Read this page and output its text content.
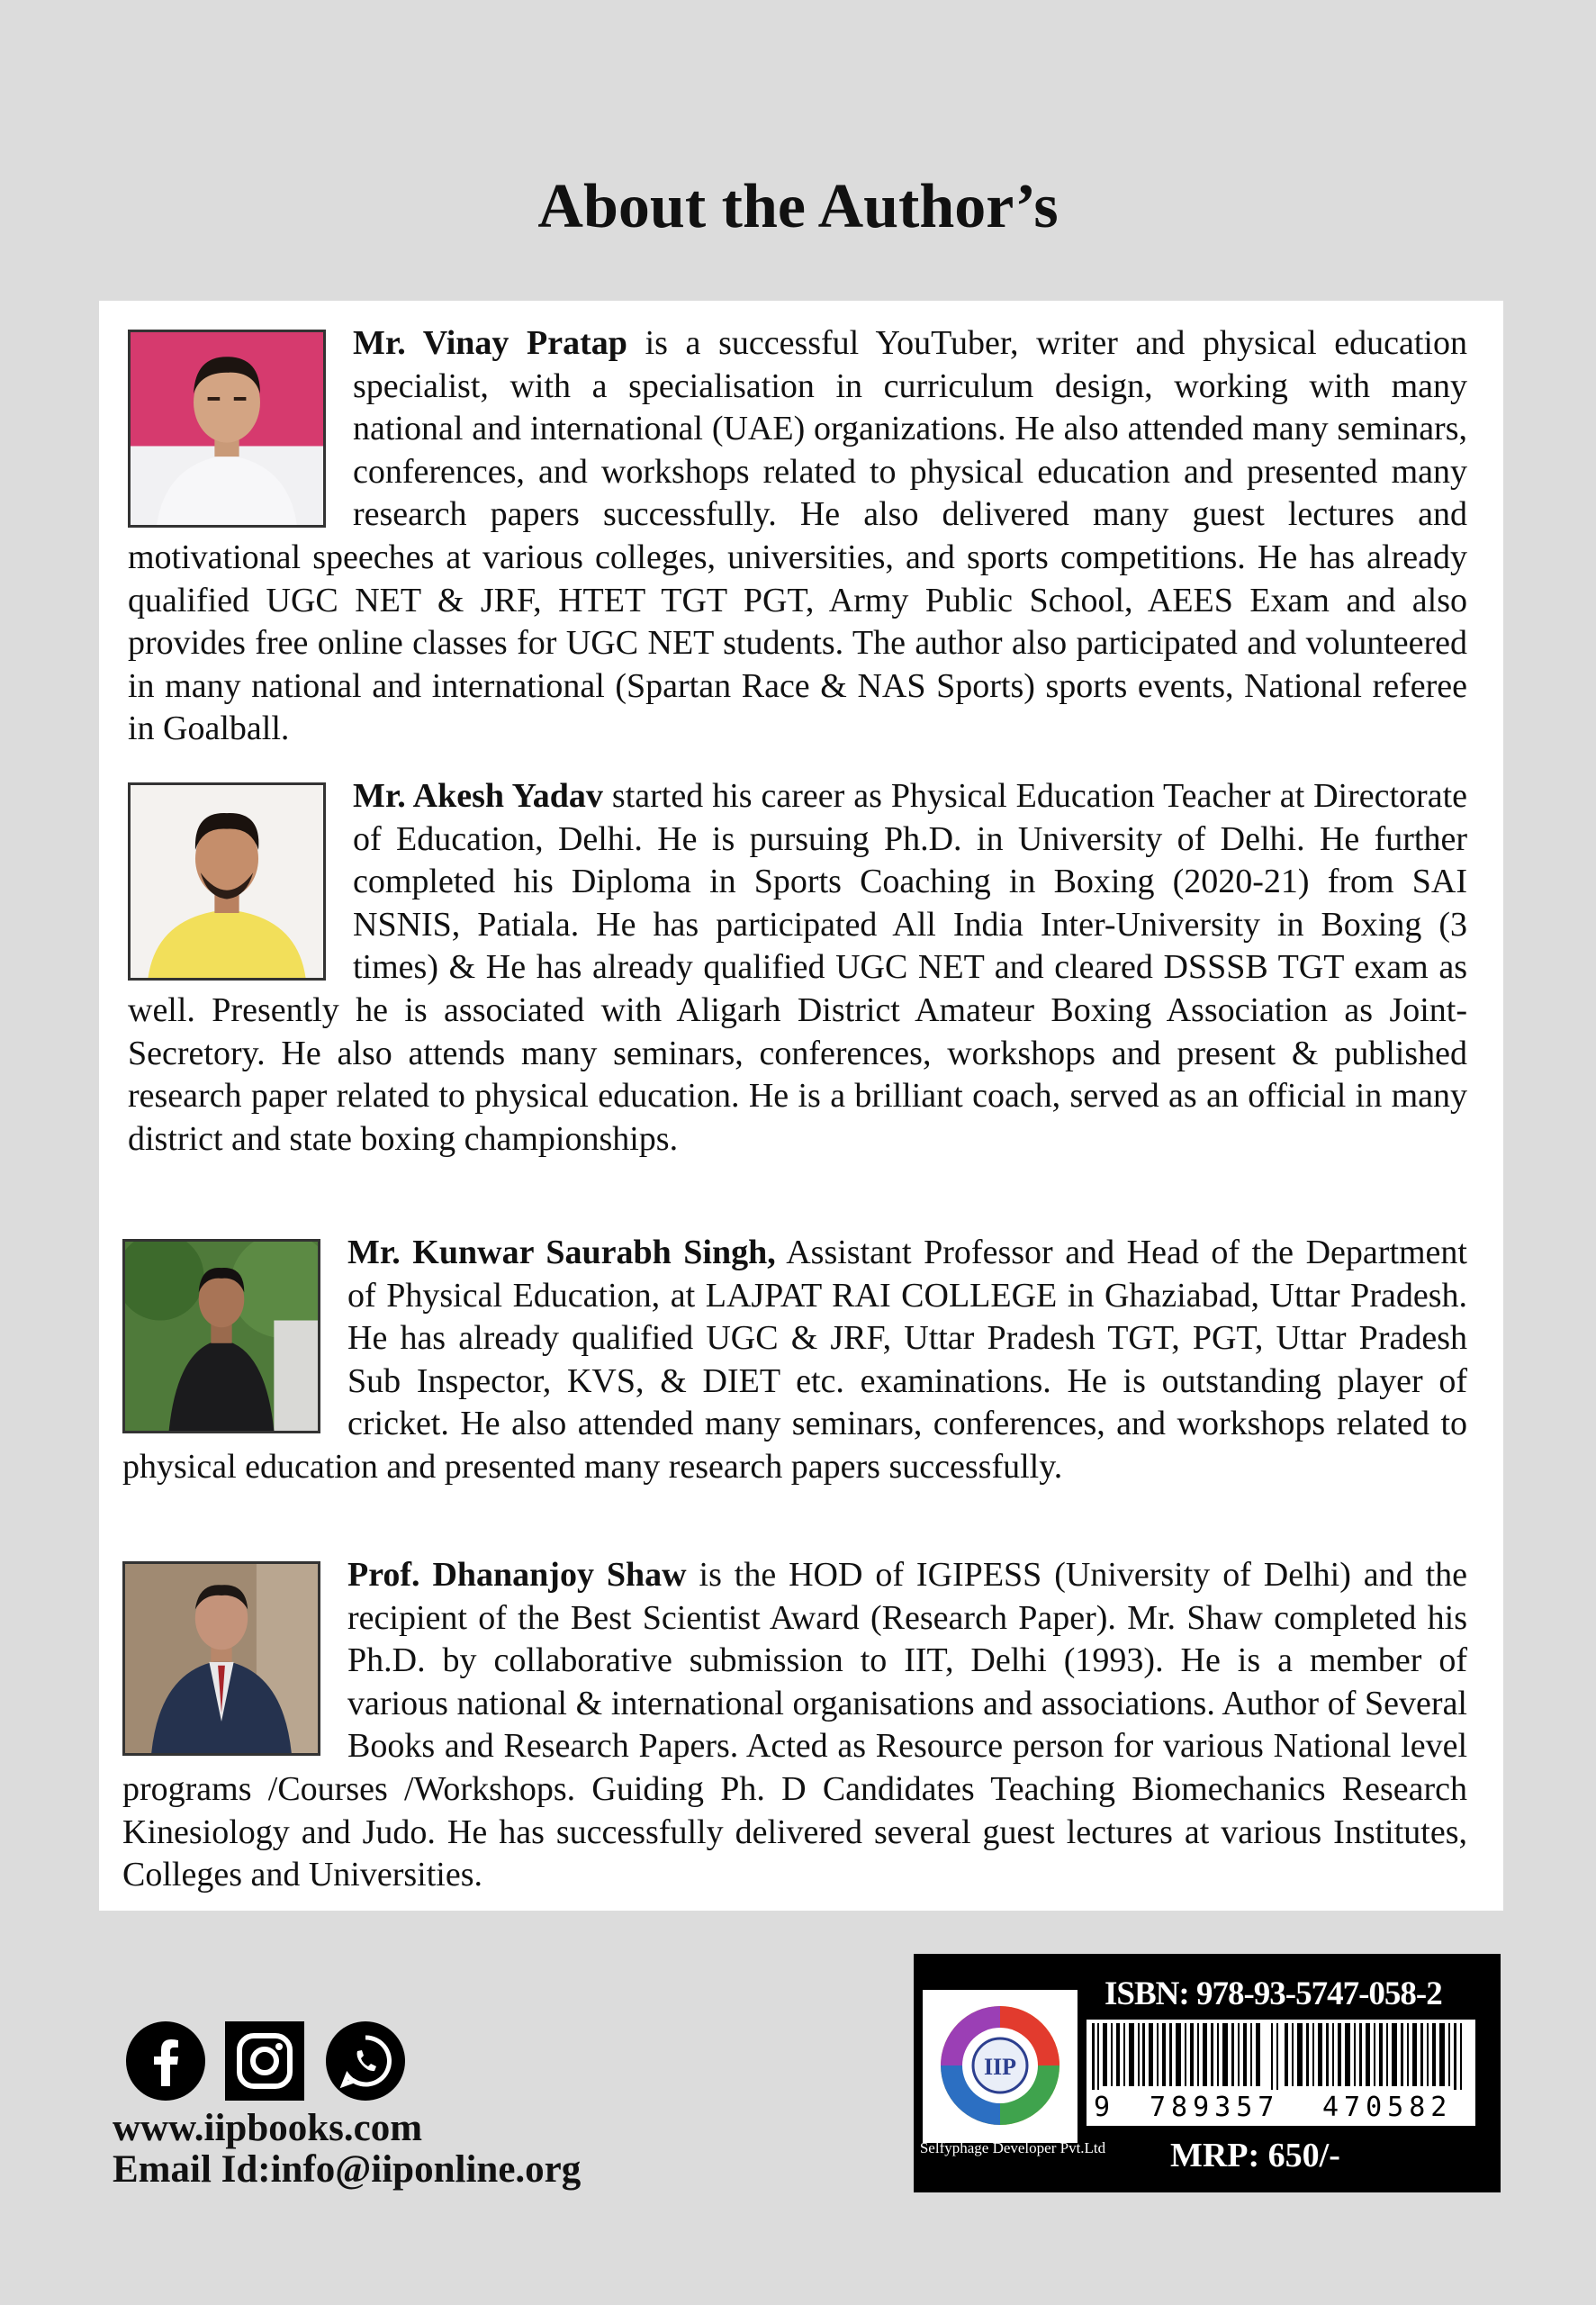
About the Author’s

Mr. Vinay Pratap is a successful YouTuber, writer and physical education specialist, with a specialisation in curriculum design, working with many national and international (UAE) organizations. He also attended many seminars, conferences, and workshops related to physical education and presented many research papers successfully. He also delivered many guest lectures and motivational speeches at various colleges, universities, and sports competitions. He has already qualified UGC NET & JRF, HTET TGT PGT, Army Public School, AEES Exam and also provides free online classes for UGC NET students. The author also participated and volunteered in many national and international (Spartan Race & NAS Sports) sports events, National referee in Goalball.

Mr. Akesh Yadav started his career as Physical Education Teacher at Directorate of Education, Delhi. He is pursuing Ph.D. in University of Delhi. He further completed his Diploma in Sports Coaching in Boxing (2020-21) from SAI NSNIS, Patiala. He has participated All India Inter-University in Boxing (3 times) & He has already qualified UGC NET and cleared DSSSB TGT exam as well. Presently he is associated with Aligarh District Amateur Boxing Association as Joint- Secretory. He also attends many seminars, conferences, workshops and present & published research paper related to physical education. He is a brilliant coach, served as an official in many district and state boxing championships.

Mr. Kunwar Saurabh Singh, Assistant Professor and Head of the Department of Physical Education, at LAJPAT RAI COLLEGE in Ghaziabad, Uttar Pradesh. He has already qualified UGC & JRF, Uttar Pradesh TGT, PGT, Uttar Pradesh Sub Inspector, KVS, & DIET etc. examinations. He is outstanding player of cricket. He also attended many seminars, conferences, and workshops related to physical education and presented many research papers successfully.

Prof. Dhananjoy Shaw is the HOD of IGIPESS (University of Delhi) and the recipient of the Best Scientist Award (Research Paper). Mr. Shaw completed his Ph.D. by collaborative submission to IIT, Delhi (1993). He is a member of various national & international organisations and associations. Author of Several Books and Research Papers. Acted as Resource person for various National level programs /Courses /Workshops. Guiding Ph. D Candidates Teaching Biomechanics Research Kinesiology and Judo. He has successfully delivered several guest lectures at various Institutes, Colleges and Universities.

www.iipbooks.com
Email Id:info@iiponline.org
IIP
Selfyphage Developer Pvt.Ltd
ISBN: 978-93-5747-058-2
9 789357 470582
MRP: 650/-
